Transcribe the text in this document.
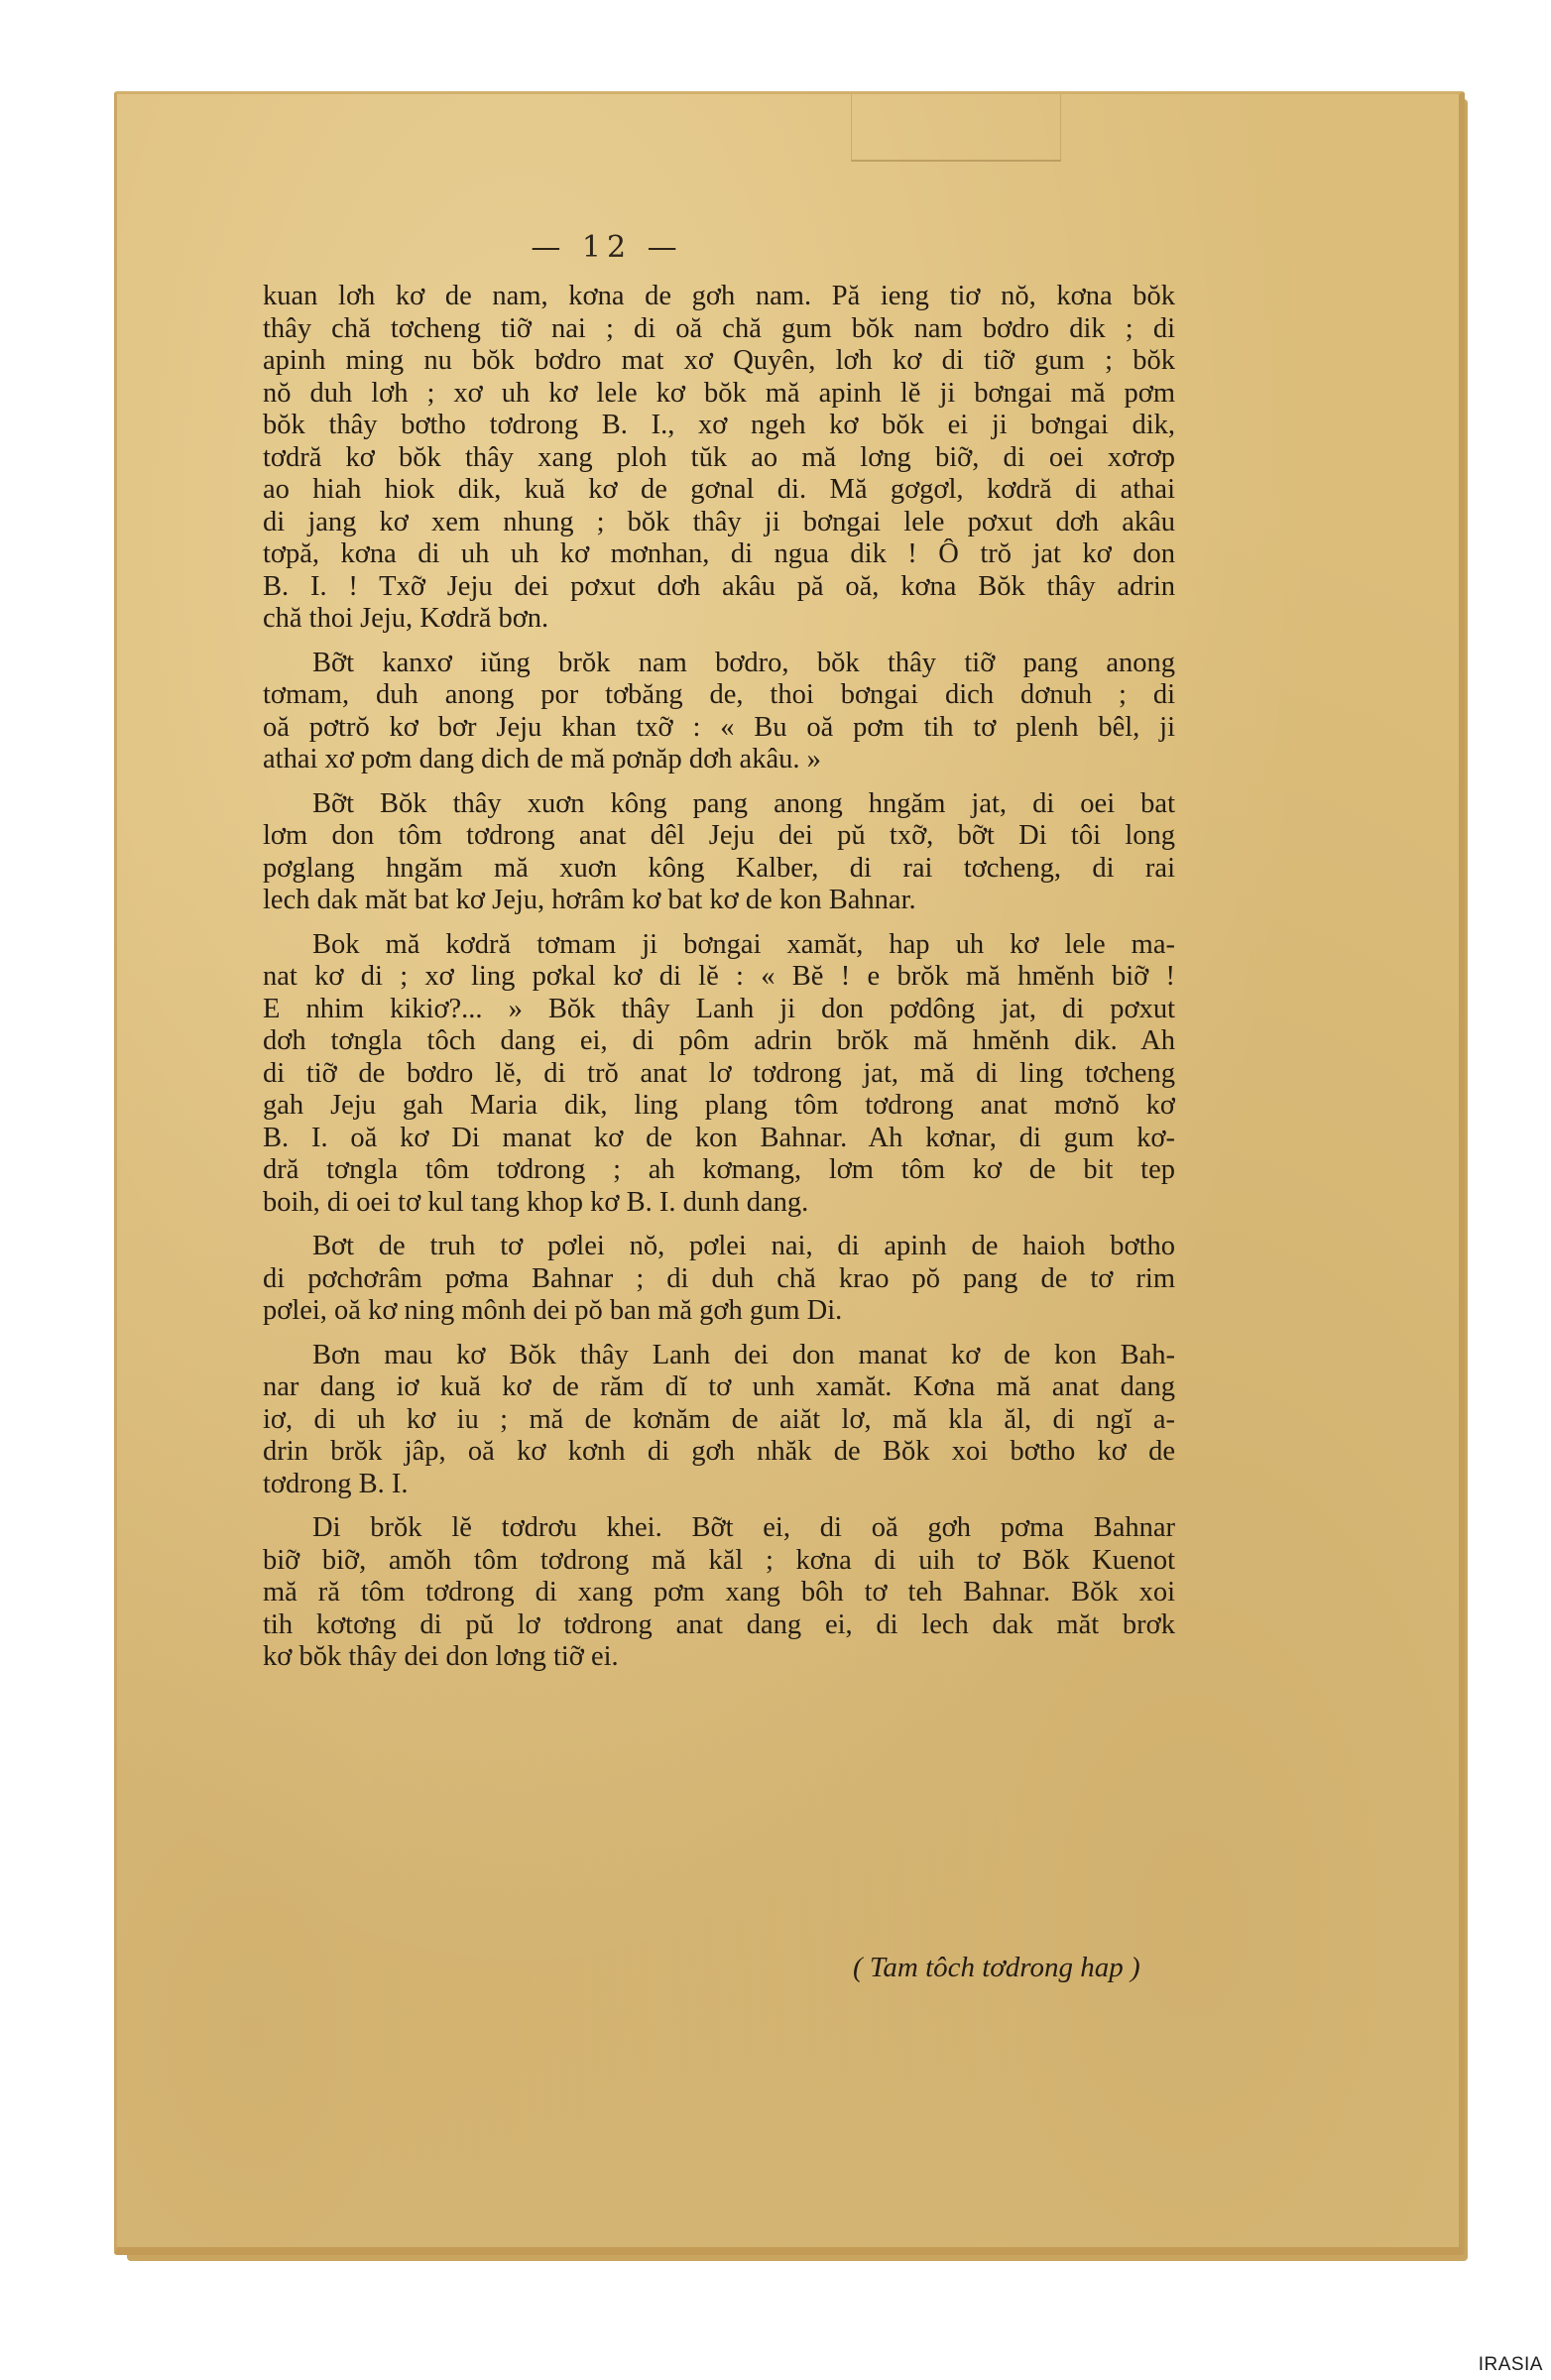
— 12 —
kuan lơh kơ de nam, kơna de gơh nam. Pă ieng tiơ nŏ, kơna bŏk
thây chă tơcheng tiỡ nai ; di oă chă gum bŏk nam bơdro dik ; di
apinh ming nu bŏk bơdro mat xơ Quyên, lơh kơ di tiỡ gum ; bŏk
nŏ duh lơh ; xơ uh kơ lele kơ bŏk mă apinh lĕ ji bơngai mă pơm
bŏk thây bơtho tơdrong B. I., xơ ngeh kơ bŏk ei ji bơngai dik,
tơdră kơ bŏk thây xang ploh tŭk ao mă lơng biỡ, di oei xơrơp
ao hiah hiok dik, kuă kơ de gơnal di. Mă gơgơl, kơdră di athai
di jang kơ xem nhung ; bŏk thây ji bơngai lele pơxut dơh akâu
tơpă, kơna di uh uh kơ mơnhan, di ngua dik ! Ô trŏ jat kơ don
B. I. ! Txỡ Jeju dei pơxut dơh akâu pă oă, kơna Bŏk thây adrin
chă thoi Jeju, Kơdră bơn.
Bỡt kanxơ iŭng brŏk nam bơdro, bŏk thây tiỡ pang anong
tơmam, duh anong por tơbăng de, thoi bơngai dich dơnuh ; di
oă pơtrŏ kơ bơr Jeju khan txỡ : « Bu oă pơm tih tơ plenh bêl, ji
athai xơ pơm dang dich de mă pơnăp dơh akâu. »
Bỡt Bŏk thây xuơn kông pang anong hngăm jat, di oei bat
lơm don tôm tơdrong anat dêl Jeju dei pŭ txỡ, bỡt Di tôi long
pơglang hngăm mă xuơn kông Kalber, di rai tơcheng, di rai
lech dak măt bat kơ Jeju, hơrâm kơ bat kơ de kon Bahnar.
Bok mă kơdră tơmam ji bơngai xamăt, hap uh kơ lele ma-
nat kơ di ; xơ ling pơkal kơ di lĕ : « Bĕ ! e brŏk mă hmĕnh biỡ !
E nhim kikiơ?... » Bŏk thây Lanh ji don pơdông jat, di pơxut
dơh tơngla tôch dang ei, di pôm adrin brŏk mă hmĕnh dik. Ah
di tiỡ de bơdro lĕ, di trŏ anat lơ tơdrong jat, mă di ling tơcheng
gah Jeju gah Maria dik, ling plang tôm tơdrong anat mơnŏ kơ
B. I. oă kơ Di manat kơ de kon Bahnar. Ah kơnar, di gum kơ-
dră tơngla tôm tơdrong ; ah kơmang, lơm tôm kơ de bit tep
boih, di oei tơ kul tang khop kơ B. I. dunh dang.
Bơt de truh tơ pơlei nŏ, pơlei nai, di apinh de haioh bơtho
di pơchơrâm pơma Bahnar ; di duh chă krao pŏ pang de tơ rim
pơlei, oă kơ ning mônh dei pŏ ban mă gơh gum Di.
Bơn mau kơ Bŏk thây Lanh dei don manat kơ de kon Bah-
nar dang iơ kuă kơ de răm dĭ tơ unh xamăt. Kơna mă anat dang
iơ, di uh kơ iu ; mă de kơnăm de aiăt lơ, mă kla ăl, di ngĭ a-
drin brŏk jâp, oă kơ kơnh di gơh nhăk de Bŏk xoi bơtho kơ de
tơdrong B. I.
Di brŏk lĕ tơdrơu khei. Bỡt ei, di oă gơh pơma Bahnar
biỡ biỡ, amŏh tôm tơdrong mă kăl ; kơna di uih tơ Bŏk Kuenot
mă ră tôm tơdrong di xang pơm xang bôh tơ teh Bahnar. Bŏk xoi
tih kơtơng di pŭ lơ tơdrong anat dang ei, di lech dak măt brơk
kơ bŏk thây dei don lơng tiỡ ei.
( Tam tôch tơdrong hap )
IRASIA
